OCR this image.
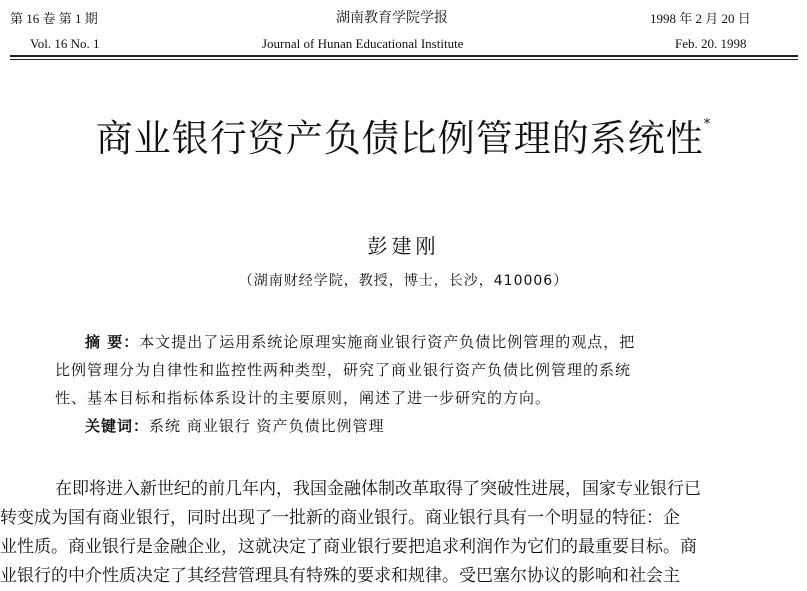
第 16 卷 第 1 期
Vol. 16 No. 1
湖南教育学院学报
Journal of Hunan Educational Institute
1998 年 2 月 20 日
Feb. 20. 1998
商业银行资产负债比例管理的系统性*
彭建刚
（湖南财经学院，教授，博士，长沙，410006）
摘 要：本文提出了运用系统论原理实施商业银行资产负债比例管理的观点，把
比例管理分为自律性和监控性两种类型，研究了商业银行资产负债比例管理的系统
性、基本目标和指标体系设计的主要原则，阐述了进一步研究的方向。
关键词：系统 商业银行 资产负债比例管理
在即将进入新世纪的前几年内，我国金融体制改革取得了突破性进展，国家专业银行已
转变成为国有商业银行，同时出现了一批新的商业银行。商业银行具有一个明显的特征：企
业性质。商业银行是金融企业，这就决定了商业银行要把追求利润作为它们的最重要目标。商
业银行的中介性质决定了其经营管理具有特殊的要求和规律。受巴塞尔协议的影响和社会主
